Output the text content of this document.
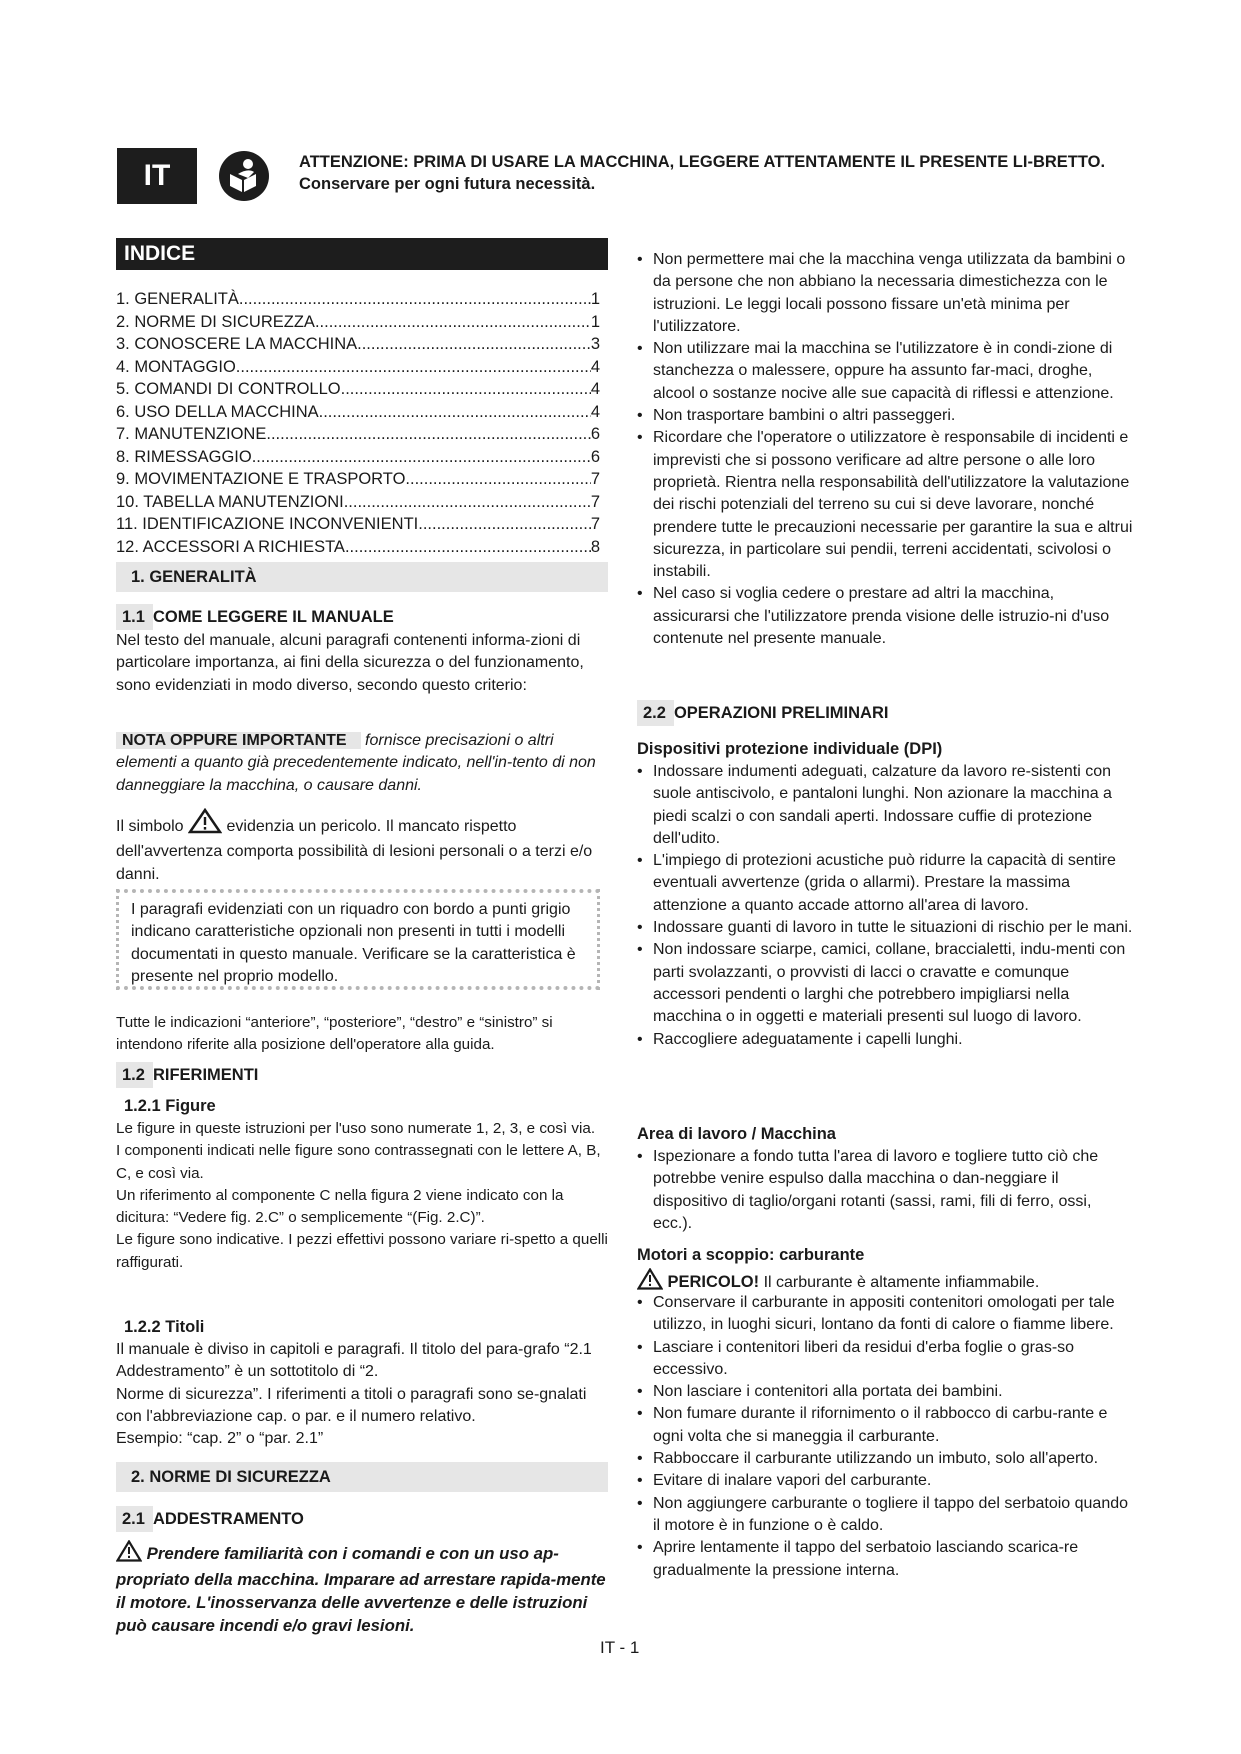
IT	ATTENZIONE: PRIMA DI USARE LA MACCHINA, LEGGERE ATTENTAMENTE IL PRESENTE LI-BRETTO. Conservare per ogni futura necessità.
INDICE
1. GENERALITÀ .....	1
2. NORME DI SICUREZZA .....	1
3. CONOSCERE LA MACCHINA .....	3
4. MONTAGGIO .....	4
5. COMANDI DI CONTROLLO .....	4
6. USO DELLA MACCHINA .....	4
7. MANUTENZIONE .....	6
8. RIMESSAGGIO .....	6
9. MOVIMENTAZIONE E TRASPORTO .....	7
10. TABELLA MANUTENZIONI .....	7
11. IDENTIFICAZIONE INCONVENIENTI .....	7
12. ACCESSORI A RICHIESTA .....	8
1. GENERALITÀ
1.1 COME LEGGERE IL MANUALE
Nel testo del manuale, alcuni paragrafi contenenti informa-zioni di particolare importanza, ai fini della sicurezza o del funzionamento, sono evidenziati in modo diverso, secondo questo criterio:
NOTA OPPURE IMPORTANTE fornisce precisazioni o altri elementi a quanto già precedentemente indicato, nell'in-tento di non danneggiare la macchina, o causare danni.
Il simbolo	evidenzia un pericolo. Il mancato rispetto dell'avvertenza comporta possibilità di lesioni personali o a terzi e/o danni.
I paragrafi evidenziati con un riquadro con bordo a punti grigio indicano caratteristiche opzionali non presenti in tutti i modelli documentati in questo manuale. Verificare se la caratteristica è presente nel proprio modello.
Tutte le indicazioni “anteriore”, “posteriore”, “destro” e “sinistro” si intendono riferite alla posizione dell'operatore alla guida.
1.2 RIFERIMENTI
1.2.1 Figure
Le figure in queste istruzioni per l'uso sono numerate 1, 2, 3, e così via.
I componenti indicati nelle figure sono contrassegnati con le lettere A, B, C, e così via.
Un riferimento al componente C nella figura 2 viene indicato con la dicitura: “Vedere fig. 2.C” o semplicemente “(Fig. 2.C)”.
Le figure sono indicative. I pezzi effettivi possono variare ri-spetto a quelli raffigurati.
1.2.2 Titoli
Il manuale è diviso in capitoli e paragrafi. Il titolo del para-grafo “2.1 Addestramento” è un sottotitolo di “2.
Norme di sicurezza”. I riferimenti a titoli o paragrafi sono se-gnalati con l'abbreviazione cap. o par. e il numero relativo.
Esempio: “cap. 2” o “par. 2.1”
2. NORME DI SICUREZZA
2.1 ADDESTRAMENTO
Prendere familiarità con i comandi e con un uso ap-propriato della macchina. Imparare ad arrestare rapida-mente il motore. L'inosservanza delle avvertenze e delle istruzioni può causare incendi e/o gravi lesioni.
• Non permettere mai che la macchina venga utilizzata da bambini o da persone che non abbiano la necessaria dimestichezza con le istruzioni. Le leggi locali possono fissare un'età minima per l'utilizzatore.
• Non utilizzare mai la macchina se l'utilizzatore è in condi-zione di stanchezza o malessere, oppure ha assunto far-maci, droghe, alcool o sostanze nocive alle sue capacità di riflessi e attenzione.
• Non trasportare bambini o altri passeggeri.
• Ricordare che l'operatore o utilizzatore è responsabile di incidenti e imprevisti che si possono verificare ad altre persone o alle loro proprietà. Rientra nella responsabilità dell'utilizzatore la valutazione dei rischi potenziali del terreno su cui si deve lavorare, nonché prendere tutte le precauzioni necessarie per garantire la sua e altrui sicurezza, in particolare sui pendii, terreni accidentati, scivolosi o instabili.
• Nel caso si voglia cedere o prestare ad altri la macchina, assicurarsi che l'utilizzatore prenda visione delle istruzio-ni d'uso contenute nel presente manuale.
2.2 OPERAZIONI PRELIMINARI
Dispositivi protezione individuale (DPI)
• Indossare indumenti adeguati, calzature da lavoro re-sistenti con suole antiscivolo, e pantaloni lunghi. Non azionare la macchina a piedi scalzi o con sandali aperti. Indossare cuffie di protezione dell'udito.
• L'impiego di protezioni acustiche può ridurre la capacità di sentire eventuali avvertenze (grida o allarmi). Prestare la massima attenzione a quanto accade attorno all'area di lavoro.
• Indossare guanti di lavoro in tutte le situazioni di rischio per le mani.
• Non indossare sciarpe, camici, collane, braccialetti, indu-menti con parti svolazzanti, o provvisti di lacci o cravatte e comunque accessori pendenti o larghi che potrebbero impigliarsi nella macchina o in oggetti e materiali presenti sul luogo di lavoro.
• Raccogliere adeguatamente i capelli lunghi.
Area di lavoro / Macchina
• Ispezionare a fondo tutta l'area di lavoro e togliere tutto ciò che potrebbe venire espulso dalla macchina o dan-neggiare il dispositivo di taglio/organi rotanti (sassi, rami, fili di ferro, ossi, ecc.).
Motori a scoppio: carburante
PERICOLO! Il carburante è altamente infiammabile.
• Conservare il carburante in appositi contenitori omologati per tale utilizzo, in luoghi sicuri, lontano da fonti di calore o fiamme libere.
• Lasciare i contenitori liberi da residui d'erba foglie o gras-so eccessivo.
• Non lasciare i contenitori alla portata dei bambini.
• Non fumare durante il rifornimento o il rabbocco di carbu-rante e ogni volta che si maneggia il carburante.
• Rabboccare il carburante utilizzando un imbuto, solo all'aperto.
• Evitare di inalare vapori del carburante.
• Non aggiungere carburante o togliere il tappo del serbatoio quando il motore è in funzione o è caldo.
• Aprire lentamente il tappo del serbatoio lasciando scarica-re gradualmente la pressione interna.
IT - 1
